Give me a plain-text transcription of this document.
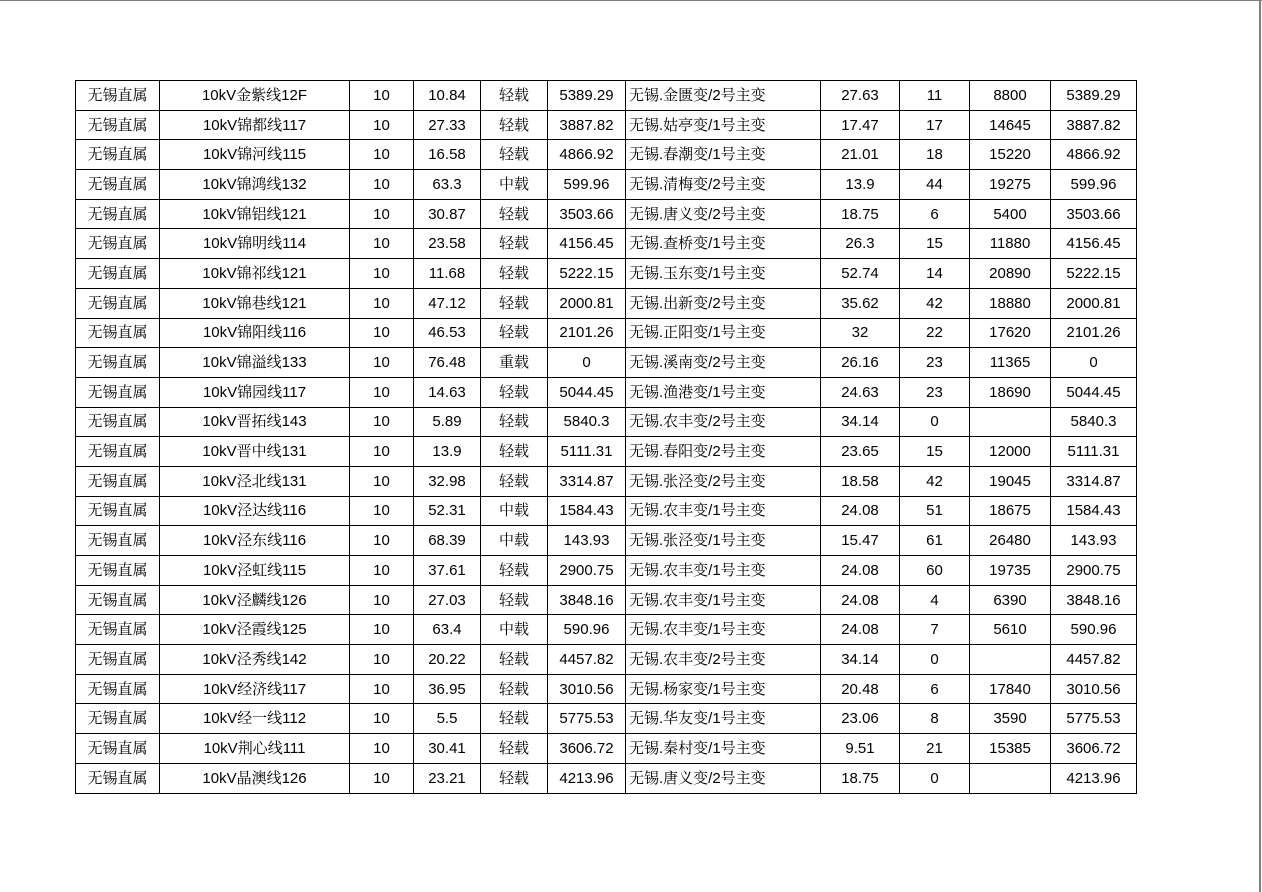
无锡直属	10kV金紫线12F	10	10.84	轻载	5389.29	无锡.金匮变/2号主变	27.63	11	8800	5389.29
无锡直属	10kV锦都线117	10	27.33	轻载	3887.82	无锡.姑亭变/1号主变	17.47	17	14645	3887.82
无锡直属	10kV锦河线115	10	16.58	轻载	4866.92	无锡.春潮变/1号主变	21.01	18	15220	4866.92
无锡直属	10kV锦鸿线132	10	63.3	中载	599.96	无锡.清梅变/2号主变	13.9	44	19275	599.96
无锡直属	10kV锦铝线121	10	30.87	轻载	3503.66	无锡.唐义变/2号主变	18.75	6	5400	3503.66
无锡直属	10kV锦明线114	10	23.58	轻载	4156.45	无锡.查桥变/1号主变	26.3	15	11880	4156.45
无锡直属	10kV锦祁线121	10	11.68	轻载	5222.15	无锡.玉东变/1号主变	52.74	14	20890	5222.15
无锡直属	10kV锦巷线121	10	47.12	轻载	2000.81	无锡.出新变/2号主变	35.62	42	18880	2000.81
无锡直属	10kV锦阳线116	10	46.53	轻载	2101.26	无锡.正阳变/1号主变	32	22	17620	2101.26
无锡直属	10kV锦溢线133	10	76.48	重载	0	无锡.溪南变/2号主变	26.16	23	11365	0
无锡直属	10kV锦园线117	10	14.63	轻载	5044.45	无锡.渔港变/1号主变	24.63	23	18690	5044.45
无锡直属	10kV晋拓线143	10	5.89	轻载	5840.3	无锡.农丰变/2号主变	34.14	0		5840.3
无锡直属	10kV晋中线131	10	13.9	轻载	5111.31	无锡.春阳变/2号主变	23.65	15	12000	5111.31
无锡直属	10kV泾北线131	10	32.98	轻载	3314.87	无锡.张泾变/2号主变	18.58	42	19045	3314.87
无锡直属	10kV泾达线116	10	52.31	中载	1584.43	无锡.农丰变/1号主变	24.08	51	18675	1584.43
无锡直属	10kV泾东线116	10	68.39	中载	143.93	无锡.张泾变/1号主变	15.47	61	26480	143.93
无锡直属	10kV泾虹线115	10	37.61	轻载	2900.75	无锡.农丰变/1号主变	24.08	60	19735	2900.75
无锡直属	10kV泾麟线126	10	27.03	轻载	3848.16	无锡.农丰变/1号主变	24.08	4	6390	3848.16
无锡直属	10kV泾霞线125	10	63.4	中载	590.96	无锡.农丰变/1号主变	24.08	7	5610	590.96
无锡直属	10kV泾秀线142	10	20.22	轻载	4457.82	无锡.农丰变/2号主变	34.14	0		4457.82
无锡直属	10kV经济线117	10	36.95	轻载	3010.56	无锡.杨家变/1号主变	20.48	6	17840	3010.56
无锡直属	10kV经一线112	10	5.5	轻载	5775.53	无锡.华友变/1号主变	23.06	8	3590	5775.53
无锡直属	10kV荆心线111	10	30.41	轻载	3606.72	无锡.秦村变/1号主变	9.51	21	15385	3606.72
无锡直属	10kV晶澳线126	10	23.21	轻载	4213.96	无锡.唐义变/2号主变	18.75	0		4213.96
